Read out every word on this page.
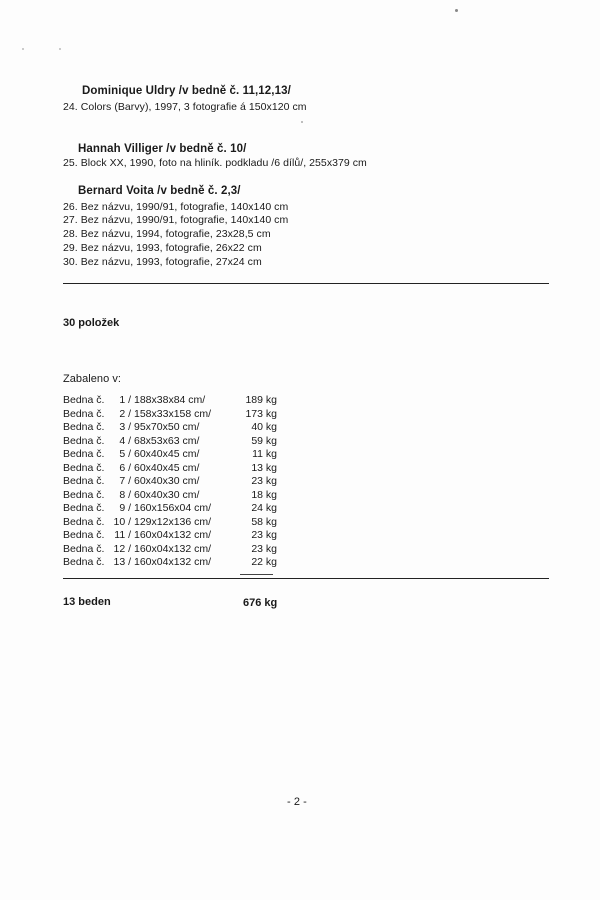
Dominique Uldry /v bedně č. 11,12,13/
24. Colors (Barvy), 1997, 3 fotografie á 150x120 cm
Hannah Villiger /v bedně č. 10/
25. Block XX, 1990, foto na hliník. podkladu /6 dílů/, 255x379 cm
Bernard Voita /v bedně č. 2,3/
26. Bez názvu, 1990/91, fotografie, 140x140 cm
27. Bez názvu, 1990/91, fotografie, 140x140 cm
28. Bez názvu, 1994, fotografie, 23x28,5 cm
29. Bez názvu, 1993, fotografie, 26x22 cm
30. Bez názvu, 1993, fotografie, 27x24 cm
30 položek
Zabaleno v:
Bedna č.	1 /	188x38x84 cm/	189 kg
Bedna č.	2 /	158x33x158 cm/	173 kg
Bedna č.	3 /	95x70x50 cm/	40 kg
Bedna č.	4 /	68x53x63 cm/	59 kg
Bedna č.	5 /	60x40x45 cm/	11 kg
Bedna č.	6 /	60x40x45 cm/	13 kg
Bedna č.	7 /	60x40x30 cm/	23 kg
Bedna č.	8 /	60x40x30 cm/	18 kg
Bedna č.	9 /	160x156x04 cm/	24 kg
Bedna č.	10 /	129x12x136 cm/	58 kg
Bedna č.	11 /	160x04x132 cm/	23 kg
Bedna č.	12 /	160x04x132 cm/	23 kg
Bedna č.	13 /	160x04x132 cm/	22 kg
13 beden	676 kg
- 2 -
